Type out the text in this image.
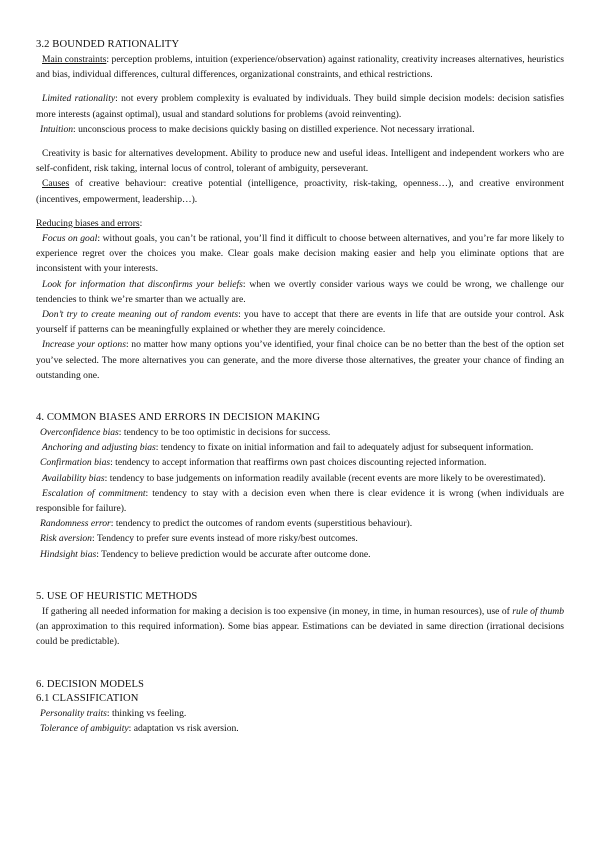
3.2 BOUNDED RATIONALITY

Main constraints: perception problems, intuition (experience/observation) against rationality, creativity increases alternatives, heuristics and bias, individual differences, cultural differences, organizational constraints, and ethical restrictions.

Limited rationality: not every problem complexity is evaluated by individuals. They build simple decision models: decision satisfies more interests (against optimal), usual and standard solutions for problems (avoid reinventing).

Intuition: unconscious process to make decisions quickly basing on distilled experience. Not necessary irrational.

Creativity is basic for alternatives development. Ability to produce new and useful ideas. Intelligent and independent workers who are self-confident, risk taking, internal locus of control, tolerant of ambiguity, perseverant.

Causes of creative behaviour: creative potential (intelligence, proactivity, risk-taking, openness…), and creative environment (incentives, empowerment, leadership…).

Reducing biases and errors:

Focus on goal: without goals, you can’t be rational, you’ll find it difficult to choose between alternatives, and you’re far more likely to experience regret over the choices you make. Clear goals make decision making easier and help you eliminate options that are inconsistent with your interests.

Look for information that disconfirms your beliefs: when we overtly consider various ways we could be wrong, we challenge our tendencies to think we’re smarter than we actually are.

Don’t try to create meaning out of random events: you have to accept that there are events in life that are outside your control. Ask yourself if patterns can be meaningfully explained or whether they are merely coincidence.

Increase your options: no matter how many options you’ve identified, your final choice can be no better than the best of the option set you’ve selected. The more alternatives you can generate, and the more diverse those alternatives, the greater your chance of finding an outstanding one.

4. COMMON BIASES AND ERRORS IN DECISION MAKING

Overconfidence bias: tendency to be too optimistic in decisions for success.

Anchoring and adjusting bias: tendency to fixate on initial information and fail to adequately adjust for subsequent information.

Confirmation bias: tendency to accept information that reaffirms own past choices discounting rejected information.

Availability bias: tendency to base judgements on information readily available (recent events are more likely to be overestimated).

Escalation of commitment: tendency to stay with a decision even when there is clear evidence it is wrong (when individuals are responsible for failure).

Randomness error: tendency to predict the outcomes of random events (superstitious behaviour).

Risk aversion: Tendency to prefer sure events instead of more risky/best outcomes.

Hindsight bias: Tendency to believe prediction would be accurate after outcome done.

5. USE OF HEURISTIC METHODS

If gathering all needed information for making a decision is too expensive (in money, in time, in human resources), use of rule of thumb (an approximation to this required information). Some bias appear. Estimations can be deviated in same direction (irrational decisions could be predictable).

6. DECISION MODELS
6.1 CLASSIFICATION

Personality traits: thinking vs feeling.

Tolerance of ambiguity: adaptation vs risk aversion.
